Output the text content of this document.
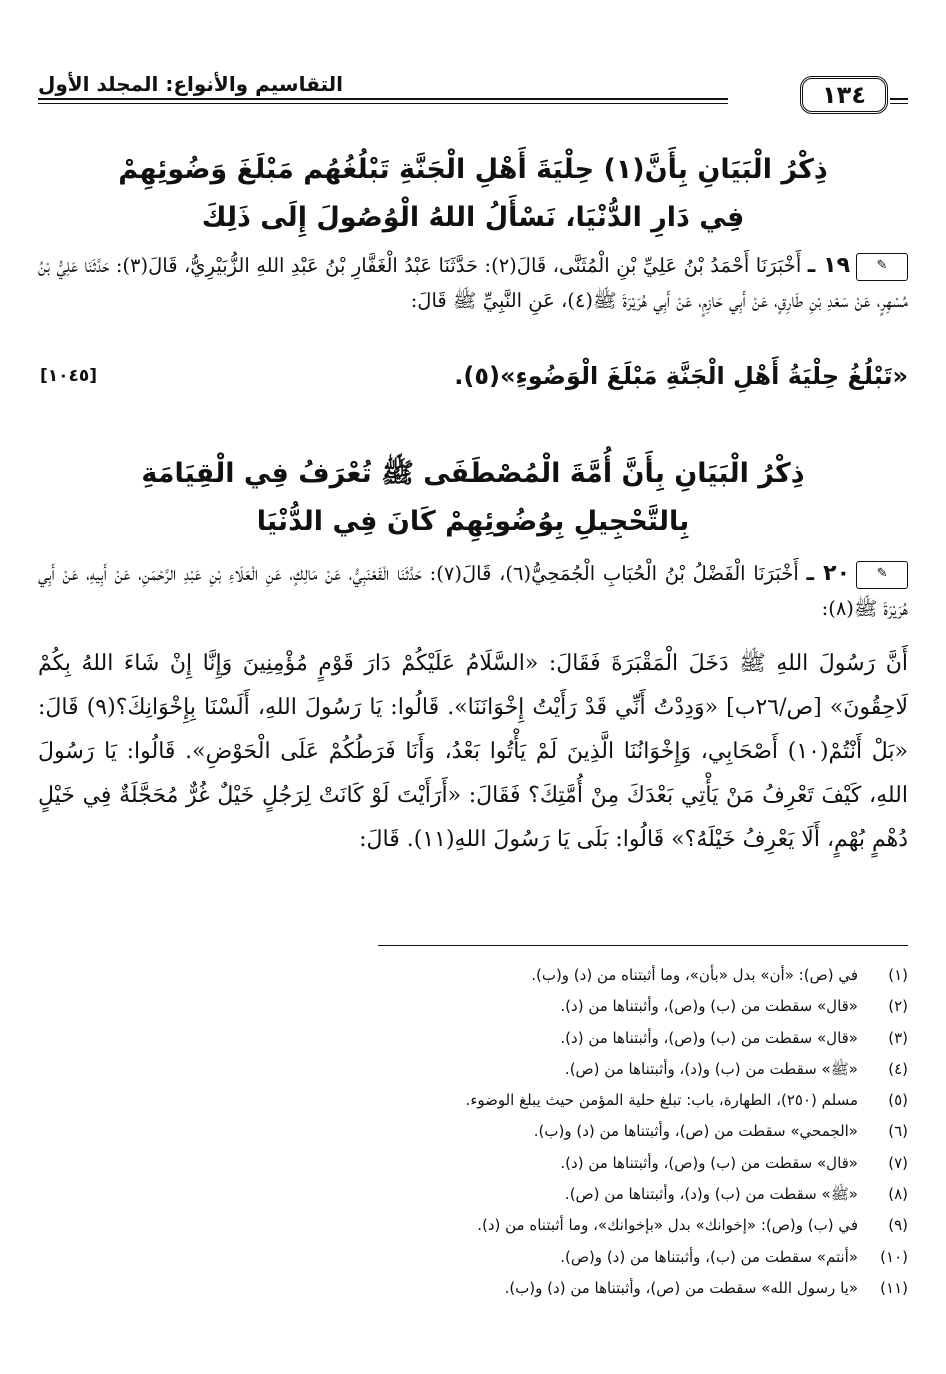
التقاسيم والأنواع: المجلد الأول	١٣٤
ذِكْرُ الْبَيَانِ بِأَنَّ(١) حِلْيَةَ أَهْلِ الْجَنَّةِ تَبْلُغُهُم مَبْلَغَ وَضُوئِهِمْ
فِي دَارِ الدُّنْيَا، نَسْأَلُ اللهُ الْوُصُولَ إِلَى ذَلِكَ
✎١٩ ـ أَخْبَرَنَا أَحْمَدُ بْنُ عَلِيِّ بْنِ الْمُثَنَّى، قَالَ(٢): حَدَّثَنَا عَبْدُ الْغَفَّارِ بْنُ عَبْدِ اللهِ الزُّبَيْرِيُّ، قَالَ(٣): حَدَّثَنَا عَلِيُّ بْنُ مُسْهِرٍ، عَنْ سَعْدِ بْنِ طَارِقٍ، عَنْ أَبِي حَازِمٍ، عَنْ أَبِي هُرَيْرَةَ ﷺ(٤)، عَنِ النَّبِيِّ ﷺ قَالَ:
«تَبْلُغُ حِلْيَةُ أَهْلِ الْجَنَّةِ مَبْلَغَ الْوَضُوءِ»(٥).
[١٠٤٥]
ذِكْرُ الْبَيَانِ بِأَنَّ أُمَّةَ الْمُصْطَفَى ﷺ تُعْرَفُ فِي الْقِيَامَةِ
بِالتَّحْجِيلِ بِوُضُوئِهِمْ كَانَ فِي الدُّنْيَا
✎٢٠ ـ أَخْبَرَنَا الْفَضْلُ بْنُ الْحُبَابِ الْجُمَحِيُّ(٦)، قَالَ(٧): حَدَّثَنَا الْقَعْنَبِيُّ، عَنْ مَالِكٍ، عَنِ الْعَلَاءِ بْنِ عَبْدِ الرَّحْمَنِ، عَنْ أَبِيهِ، عَنْ أَبِي هُرَيْرَةَ ﷺ(٨):
أَنَّ رَسُولَ اللهِ ﷺ دَخَلَ الْمَقْبَرَةَ فَقَالَ: «السَّلَامُ عَلَيْكُمْ دَارَ قَوْمٍ مُؤْمِنِينَ وَإِنَّا إِنْ شَاءَ اللهُ بِكُمْ لَاحِقُونَ» [ص/٢٦ب] «وَدِدْتُ أَنِّي قَدْ رَأَيْتُ إِخْوَانَنَا». قَالُوا: يَا رَسُولَ اللهِ، أَلَسْنَا بِإِخْوَانِكَ؟(٩) قَالَ: «بَلْ أَنْتُمْ(١٠) أَصْحَابِي، وَإِخْوَانُنَا الَّذِينَ لَمْ يَأْتُوا بَعْدُ، وَأَنَا فَرَطُكُمْ عَلَى الْحَوْضِ». قَالُوا: يَا رَسُولَ اللهِ، كَيْفَ تَعْرِفُ مَنْ يَأْتِي بَعْدَكَ مِنْ أُمَّتِكَ؟ فَقَالَ: «أَرَأَيْتَ لَوْ كَانَتْ لِرَجُلٍ خَيْلٌ غُرٌّ مُحَجَّلَةٌ فِي خَيْلٍ دُهْمٍ بُهْمٍ، أَلَا يَعْرِفُ خَيْلَهُ؟» قَالُوا: بَلَى يَا رَسُولَ اللهِ(١١). قَالَ:
(١)
في (ص): «أن» بدل «بأن»، وما أثبتناه من (د) و(ب).
(٢)
«قال» سقطت من (ب) و(ص)، وأثبتناها من (د).
(٣)
«قال» سقطت من (ب) و(ص)، وأثبتناها من (د).
(٤)
«ﷺ» سقطت من (ب) و(د)، وأثبتناها من (ص).
(٥)
مسلم (٢٥٠)، الطهارة، باب: تبلغ حلية المؤمن حيث يبلغ الوضوء.
(٦)
«الجمحي» سقطت من (ص)، وأثبتناها من (د) و(ب).
(٧)
«قال» سقطت من (ب) و(ص)، وأثبتناها من (د).
(٨)
«ﷺ» سقطت من (ب) و(د)، وأثبتناها من (ص).
(٩)
في (ب) و(ص): «إخوانك» بدل «بإخوانك»، وما أثبتناه من (د).
(١٠)
«أنتم» سقطت من (ب)، وأثبتناها من (د) و(ص).
(١١)
«يا رسول الله» سقطت من (ص)، وأثبتناها من (د) و(ب).
